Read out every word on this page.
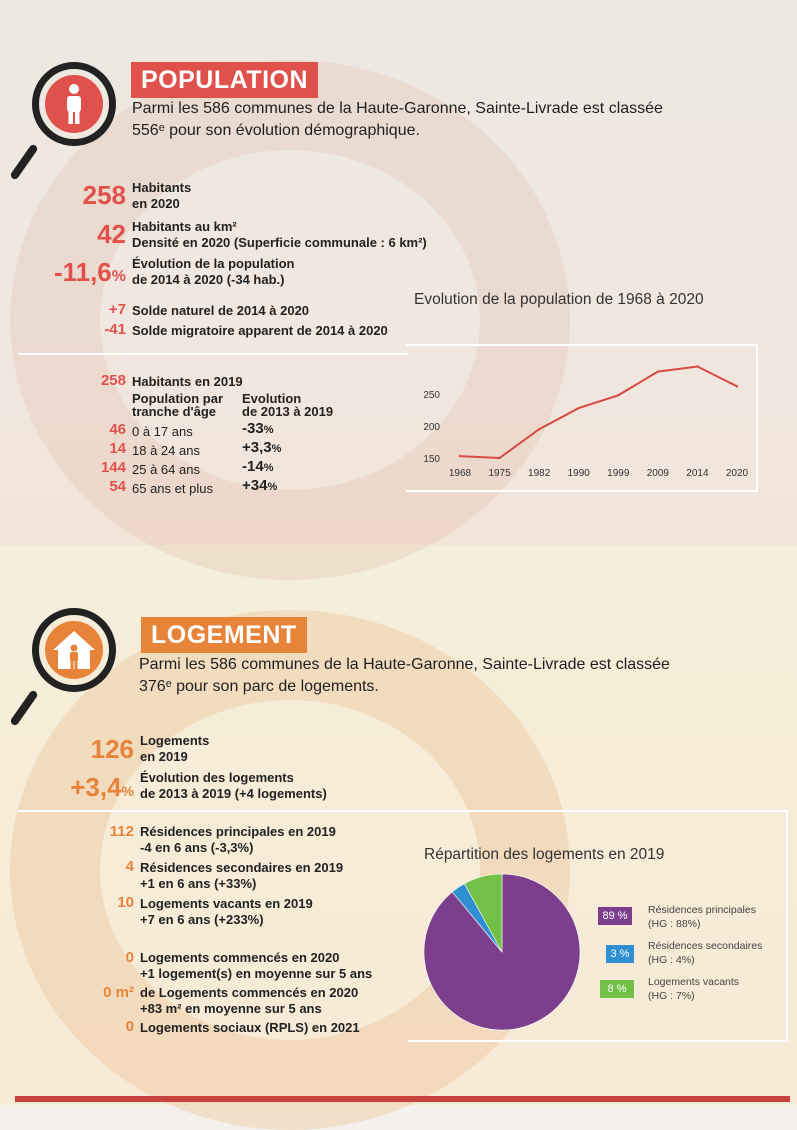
POPULATION
Parmi les 586 communes de la Haute-Garonne, Sainte-Livrade est classée
556ᵉ pour son évolution démographique.
258 Habitants
en 2020
42 Habitants au km²
Densité en 2020 (Superficie communale : 6 km²)
-11,6%
Évolution de la population
de 2014 à 2020 (-34 hab.)
+7 Solde naturel de 2014 à 2020
-41 Solde migratoire apparent de 2014 à 2020
258 Habitants en 2019
Population par
tranche d'âge
Evolution
de 2013 à 2019
46 0 à 17 ans	-33%
14 18 à 24 ans	+3,3%
144 25 à 64 ans	-14%
54 65 ans et plus +34%
Evolution de la population de 1968 à 2020
150
200
250
1968 1975 1982 1990 1999 2009 2014 2020
LOGEMENT
Parmi les 586 communes de la Haute-Garonne, Sainte-Livrade est classée
376ᵉ pour son parc de logements.
126 Logements
en 2019
+3,4%
Évolution des logements
de 2013 à 2019 (+4 logements)
112 Résidences principales en 2019
-4 en 6 ans (-3,3%)
4 Résidences secondaires en 2019
+1 en 6 ans (+33%)
10 Logements vacants en 2019
+7 en 6 ans (+233%)
0 Logements commencés en 2020
+1 logement(s) en moyenne sur 5 ans
0 m² de Logements commencés en 2020
+83 m² en moyenne sur 5 ans
0 Logements sociaux (RPLS) en 2021
Répartition des logements en 2019
89 %	Résidences principales
(HG : 88%)
3 %
Résidences secondaires
(HG : 4%)
8 %
Logements vacants
(HG : 7%)
